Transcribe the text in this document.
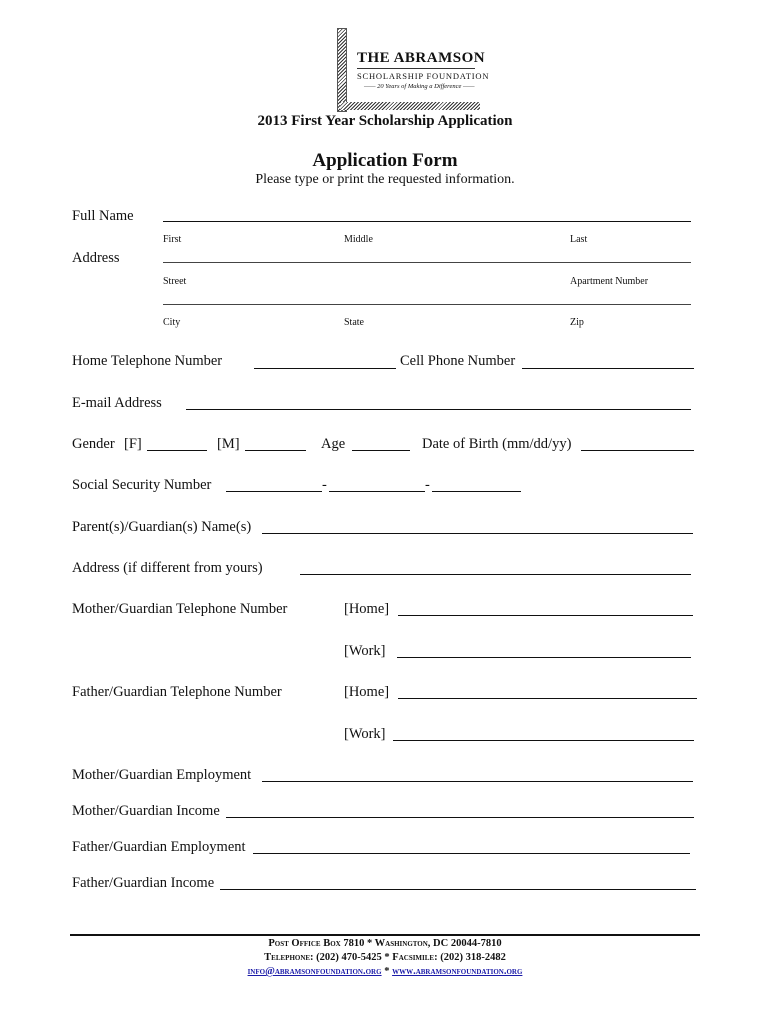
THE ABRAMSON
SCHOLARSHIP FOUNDATION
—— 20 Years of Making a Difference ——
2013 First Year Scholarship Application
Application Form
Please type or print the requested information.
Full Name
First	Middle	Last
Address
Street	Apartment Number
City	State	Zip
Home Telephone Number	Cell Phone Number
E-mail Address
Gender [F]	[M]	Age	Date of Birth (mm/dd/yy)
Social Security Number	-	-
Parent(s)/Guardian(s) Name(s)
Address (if different from yours)
Mother/Guardian Telephone Number	[Home]
[Work]
Father/Guardian Telephone Number	[Home]
[Work]
Mother/Guardian Employment
Mother/Guardian Income
Father/Guardian Employment
Father/Guardian Income
Post Office Box 7810 * Washington, DC 20044-7810
Telephone: (202) 470-5425 * Facsimile: (202) 318-2482
info@abramsonfoundation.org * www.abramsonfoundation.org
